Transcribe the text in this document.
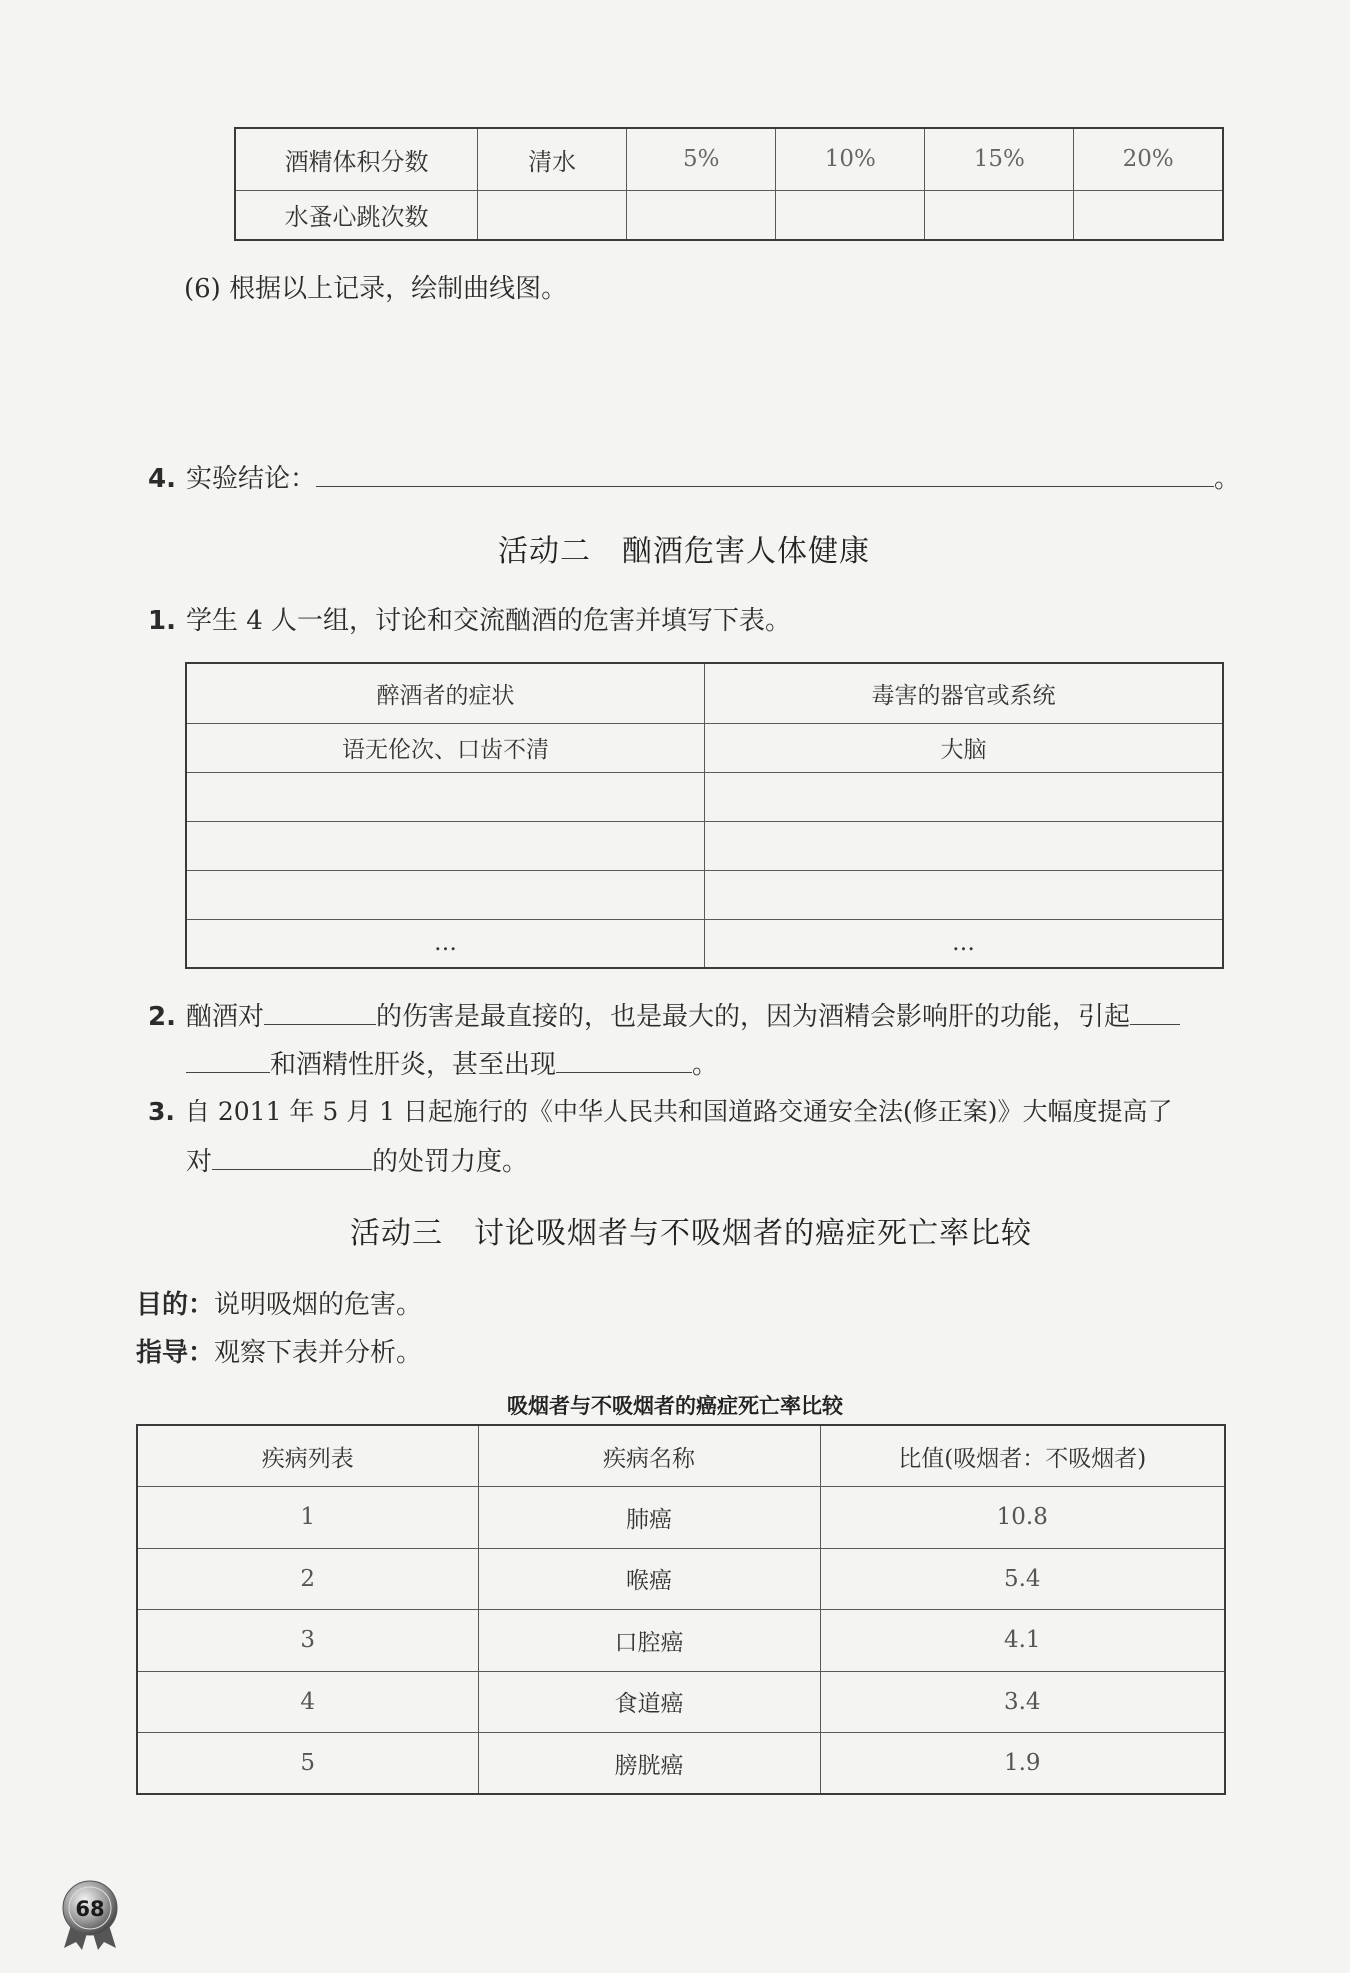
酒精体积分数	清水	5%	10%	15%	20%
水蚤心跳次数					
(6) 根据以上记录，绘制曲线图。
4. 实验结论：	。
活动二　酗酒危害人体健康
1. 学生 4 人一组，讨论和交流酗酒的危害并填写下表。
醉酒者的症状	毒害的器官或系统
语无伦次、口齿不清	大脑

…	…
2. 酗酒对	的伤害是最直接的，也是最大的，因为酒精会影响肝的功能，引起
和酒精性肝炎，甚至出现	。
3. 自 2011 年 5 月 1 日起施行的《中华人民共和国道路交通安全法(修正案)》大幅度提高了
对	的处罚力度。
活动三　讨论吸烟者与不吸烟者的癌症死亡率比较
目的：说明吸烟的危害。
指导：观察下表并分析。
吸烟者与不吸烟者的癌症死亡率比较
疾病列表	疾病名称	比值(吸烟者：不吸烟者)
1	肺癌	10.8
2	喉癌	5.4
3	口腔癌	4.1
4	食道癌	3.4
5	膀胱癌	1.9
68
